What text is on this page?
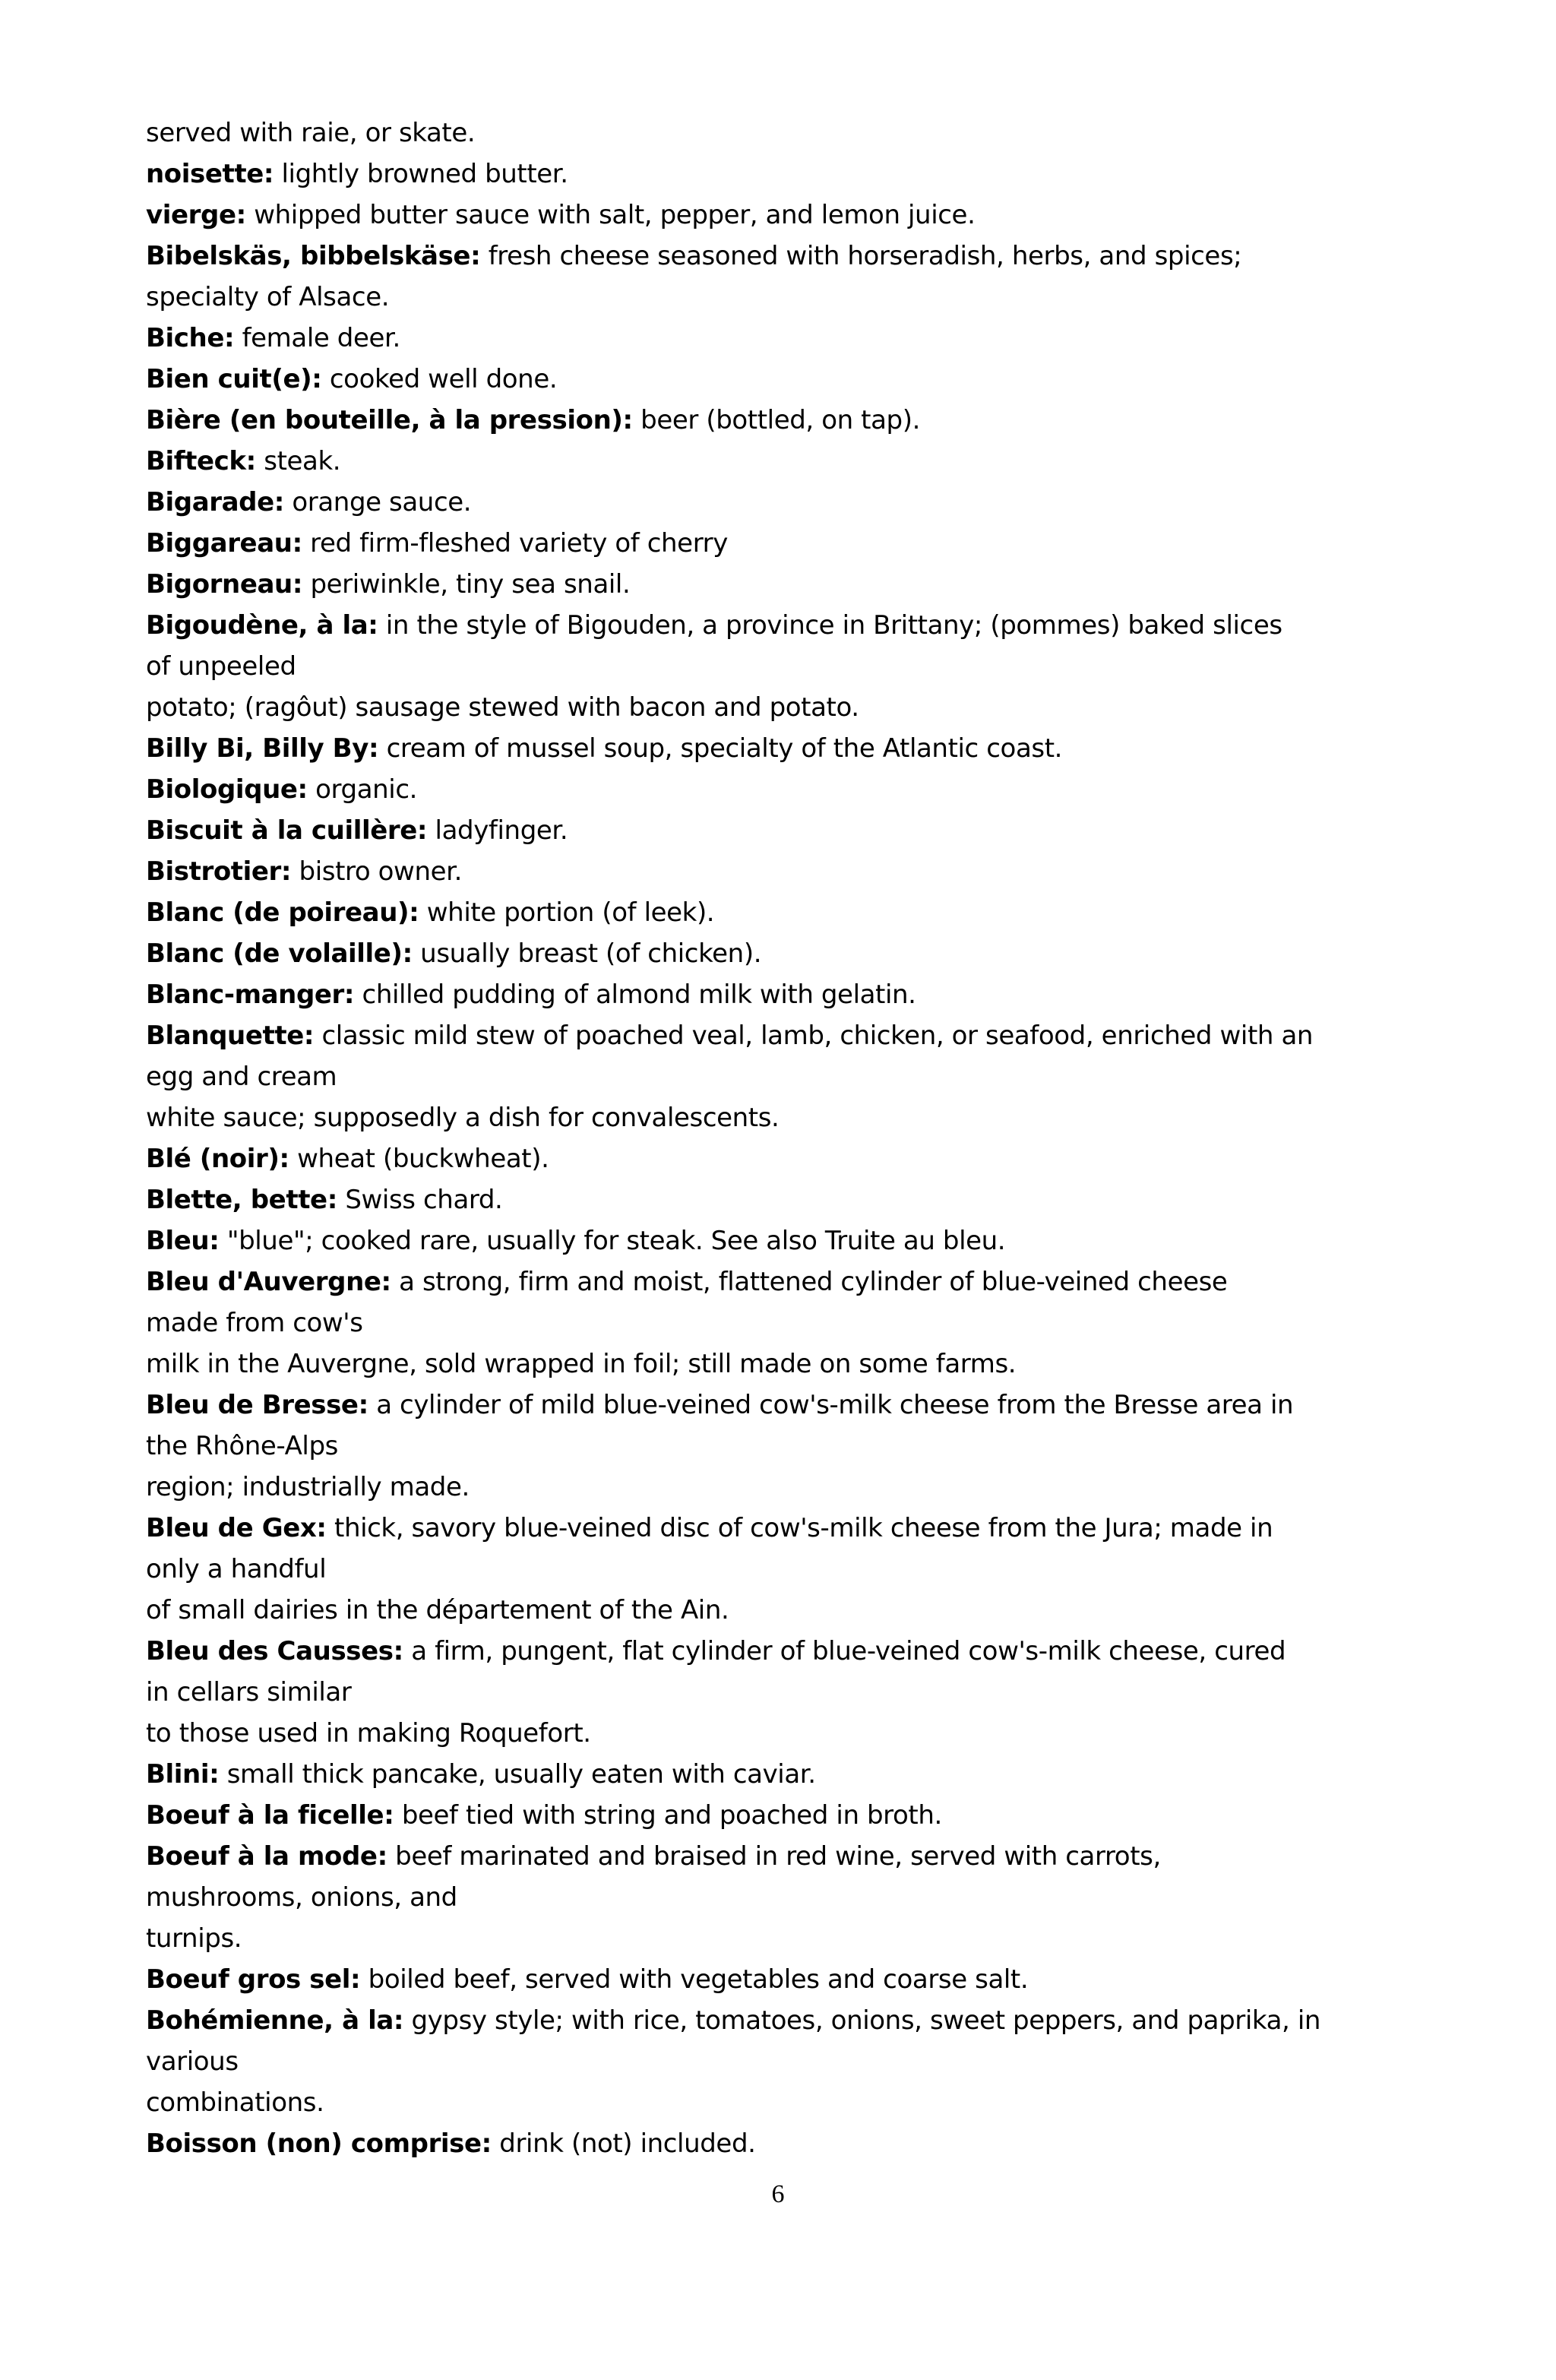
served with raie, or skate.
noisette: lightly browned butter.
vierge: whipped butter sauce with salt, pepper, and lemon juice.
Bibelskäs, bibbelskäse: fresh cheese seasoned with horseradish, herbs, and spices;
specialty of Alsace.
Biche: female deer.
Bien cuit(e): cooked well done.
Bière (en bouteille, à la pression): beer (bottled, on tap).
Bifteck: steak.
Bigarade: orange sauce.
Biggareau: red firm-fleshed variety of cherry
Bigorneau: periwinkle, tiny sea snail.
Bigoudène, à la: in the style of Bigouden, a province in Brittany; (pommes) baked slices
of unpeeled
potato; (ragôut) sausage stewed with bacon and potato.
Billy Bi, Billy By: cream of mussel soup, specialty of the Atlantic coast.
Biologique: organic.
Biscuit à la cuillère: ladyfinger.
Bistrotier: bistro owner.
Blanc (de poireau): white portion (of leek).
Blanc (de volaille): usually breast (of chicken).
Blanc-manger: chilled pudding of almond milk with gelatin.
Blanquette: classic mild stew of poached veal, lamb, chicken, or seafood, enriched with an
egg and cream
white sauce; supposedly a dish for convalescents.
Blé (noir): wheat (buckwheat).
Blette, bette: Swiss chard.
Bleu: "blue"; cooked rare, usually for steak. See also Truite au bleu.
Bleu d'Auvergne: a strong, firm and moist, flattened cylinder of blue-veined cheese
made from cow's
milk in the Auvergne, sold wrapped in foil; still made on some farms.
Bleu de Bresse: a cylinder of mild blue-veined cow's-milk cheese from the Bresse area in
the Rhône-Alps
region; industrially made.
Bleu de Gex: thick, savory blue-veined disc of cow's-milk cheese from the Jura; made in
only a handful
of small dairies in the département of the Ain.
Bleu des Causses: a firm, pungent, flat cylinder of blue-veined cow's-milk cheese, cured
in cellars similar
to those used in making Roquefort.
Blini: small thick pancake, usually eaten with caviar.
Boeuf à la ficelle: beef tied with string and poached in broth.
Boeuf à la mode: beef marinated and braised in red wine, served with carrots,
mushrooms, onions, and
turnips.
Boeuf gros sel: boiled beef, served with vegetables and coarse salt.
Bohémienne, à la: gypsy style; with rice, tomatoes, onions, sweet peppers, and paprika, in
various
combinations.
Boisson (non) comprise: drink (not) included.
6
